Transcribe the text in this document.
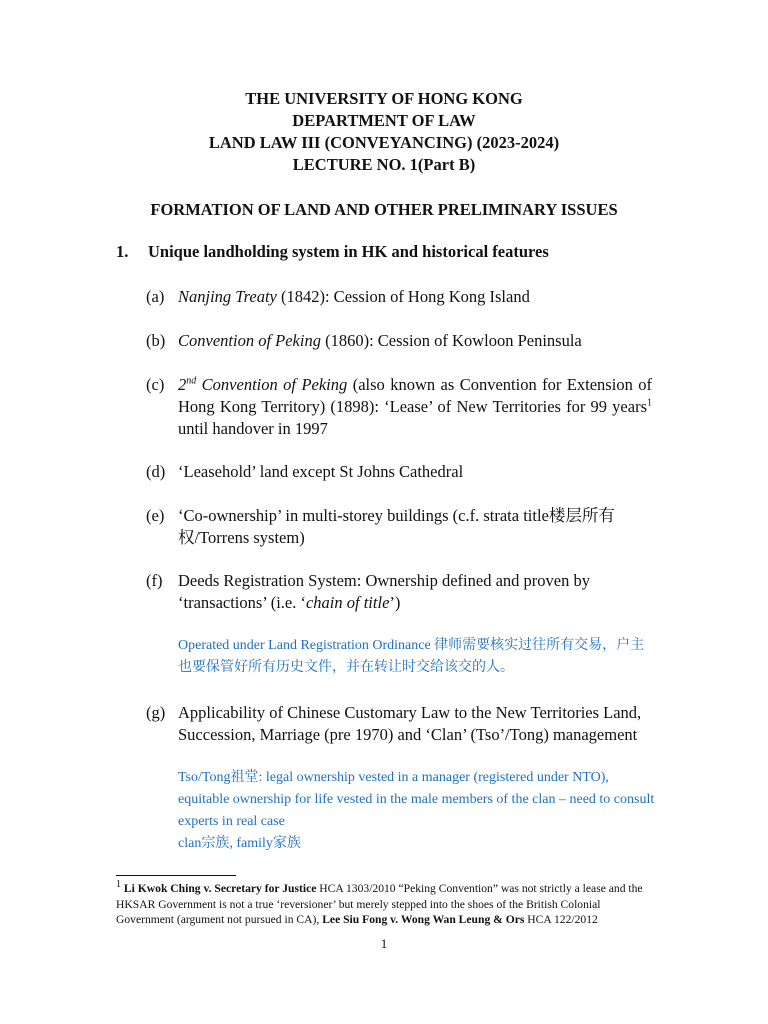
THE UNIVERSITY OF HONG KONG
DEPARTMENT OF LAW
LAND LAW III (CONVEYANCING) (2023-2024)
LECTURE NO. 1(Part B)
FORMATION OF LAND AND OTHER PRELIMINARY ISSUES
1. Unique landholding system in HK and historical features
(a) Nanjing Treaty (1842): Cession of Hong Kong Island
(b) Convention of Peking (1860): Cession of Kowloon Peninsula
(c) 2nd Convention of Peking (also known as Convention for Extension of Hong Kong Territory) (1898): ‘Lease’ of New Territories for 99 years$^1$ until handover in 1997
(d) ‘Leasehold’ land except St Johns Cathedral
(e) ‘Co-ownership’ in multi-storey buildings (c.f. strata title楼层所有权/Torrens system)
(f) Deeds Registration System: Ownership defined and proven by ‘transactions’ (i.e. ‘chain of title’)
Operated under Land Registration Ordinance 律师需要核实过往所有交易，户主也要保管好所有历史文件，并在转让时交给该交的人。
(g) Applicability of Chinese Customary Law to the New Territories Land, Succession, Marriage (pre 1970) and ‘Clan’ (Tso’/Tong) management
Tso/Tong祖堂: legal ownership vested in a manager (registered under NTO), equitable ownership for life vested in the male members of the clan – need to consult experts in real case
clan宗族, family家族
$^1$ Li Kwok Ching v. Secretary for Justice HCA 1303/2010 “Peking Convention” was not strictly a lease and the HKSAR Government is not a true ‘reversioner’ but merely stepped into the shoes of the British Colonial Government (argument not pursued in CA), Lee Siu Fong v. Wong Wan Leung & Ors HCA 122/2012
1
